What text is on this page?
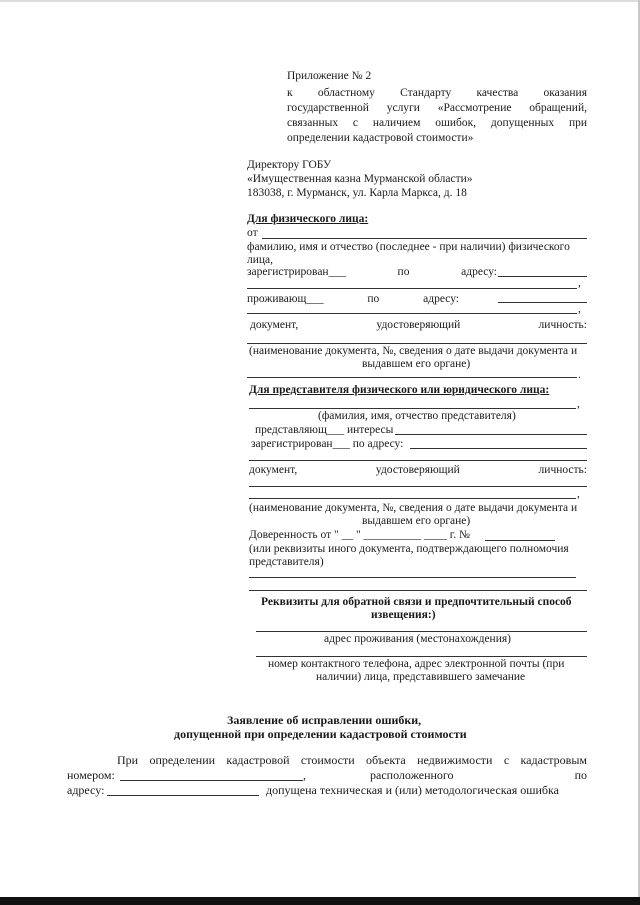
Приложение № 2
к областному Стандарту качества оказания
государственной услуги «Рассмотрение обращений,
связанных с наличием ошибок, допущенных при
определении кадастровой стоимости»
Директору ГОБУ
«Имущественная казна Мурманской области»
183038, г. Мурманск, ул. Карла Маркса, д. 18
Для физического лица:
от
фамилию, имя и отчество (последнее - при наличии) физического
лица,
зарегистрирован___	по	адресу:
,
проживающ___	по	адресу:
,
документ,	удостоверяющий	личность:
(наименование документа, №, сведения о дате выдачи документа и
выдавшем его органе)
.
Для представителя физического или юридического лица:
,
(фамилия, имя, отчество представителя)
представляющ___ интересы
зарегистрирован___ по адресу:
документ,	удостоверяющий	личность:
,
(наименование документа, №, сведения о дате выдачи документа и
выдавшем его органе)
Доверенность от " __ " __________ ____ г. №
(или реквизиты иного документа, подтверждающего полномочия
представителя)
Реквизиты для обратной связи и предпочтительный способ
извещения:)
адрес проживания (местонахождения)
номер контактного телефона, адрес электронной почты (при
наличии) лица, представившего замечание
Заявление об исправлении ошибки,
допущенной при определении кадастровой стоимости
При определении кадастровой стоимости объекта недвижимости с кадастровым
номером:	,	расположенного	по
адресу:	допущена техническая и (или) методологическая ошибка
